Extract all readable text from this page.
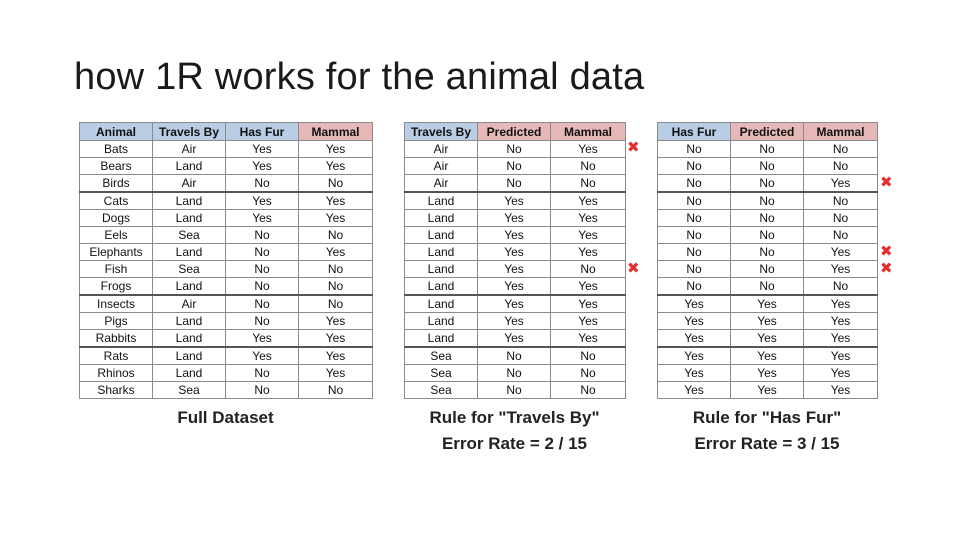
how 1R works for the animal data
Animal	Travels By	Has Fur	Mammal
Bats	Air	Yes	Yes
Bears	Land	Yes	Yes
Birds	Air	No	No
Cats	Land	Yes	Yes
Dogs	Land	Yes	Yes
Eels	Sea	No	No
Elephants	Land	No	Yes
Fish	Sea	No	No
Frogs	Land	No	No
Insects	Air	No	No
Pigs	Land	No	Yes
Rabbits	Land	Yes	Yes
Rats	Land	Yes	Yes
Rhinos	Land	No	Yes
Sharks	Sea	No	No
Travels By	Predicted	Mammal
Air	No	Yes
Air	No	No
Air	No	No
Land	Yes	Yes
Land	Yes	Yes
Land	Yes	Yes
Land	Yes	Yes
Land	Yes	No
Land	Yes	Yes
Land	Yes	Yes
Land	Yes	Yes
Land	Yes	Yes
Sea	No	No
Sea	No	No
Sea	No	No
Has Fur	Predicted	Mammal
No	No	No
No	No	No
No	No	Yes
No	No	No
No	No	No
No	No	No
No	No	Yes
No	No	Yes
No	No	No
Yes	Yes	Yes
Yes	Yes	Yes
Yes	Yes	Yes
Yes	Yes	Yes
Yes	Yes	Yes
Yes	Yes	Yes
✖
✖
✖
✖
✖
Full Dataset	Rule for "Travels By"
Error Rate = 2 / 15
Rule for "Has Fur"
Error Rate = 3 / 15
